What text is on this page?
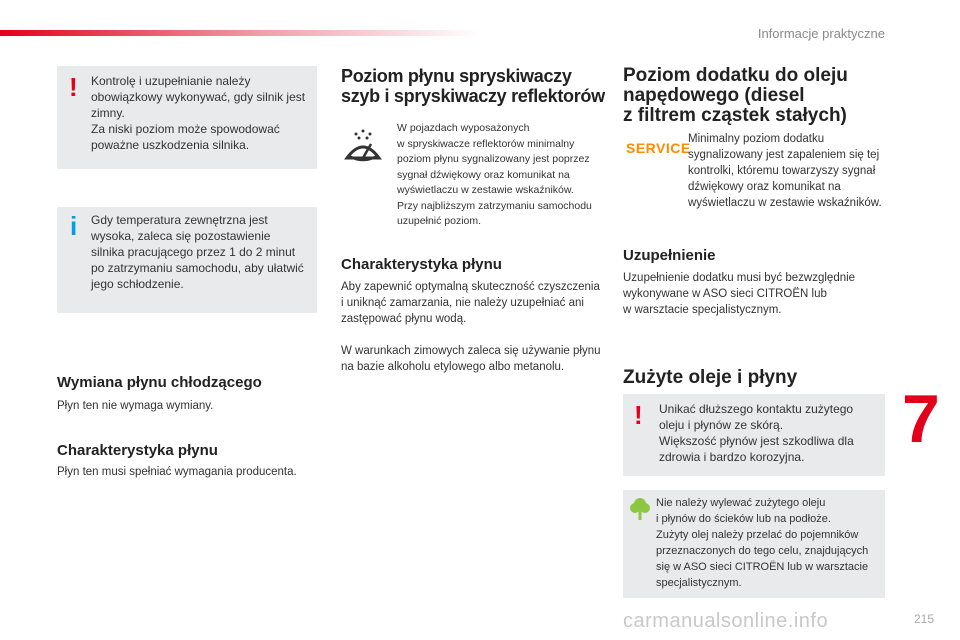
Informacje praktyczne
! Kontrolę i uzupełnianie należy obowiązkowy wykonywać, gdy silnik jest zimny.
Za niski poziom może spowodować poważne uszkodzenia silnika.
i Gdy temperatura zewnętrzna jest wysoka, zaleca się pozostawienie silnika pracującego przez 1 do 2 minut po zatrzymaniu samochodu, aby ułatwić jego schłodzenie.
Wymiana płynu chłodzącego

Płyn ten nie wymaga wymiany.

Charakterystyka płynu

Płyn ten musi spełniać wymagania producenta.

Poziom płynu spryskiwaczy
szyb i spryskiwaczy reflektorów

W pojazdach wyposażonych
w spryskiwacze reflektorów minimalny poziom płynu sygnalizowany jest poprzez sygnał dźwiękowy oraz komunikat na wyświetlaczu w zestawie wskaźników.
Przy najbliższym zatrzymaniu samochodu uzupełnić poziom.

Charakterystyka płynu

Aby zapewnić optymalną skuteczność czyszczenia i uniknąć zamarzania, nie należy uzupełniać ani zastępować płynu wodą.

W warunkach zimowych zaleca się używanie płynu na bazie alkoholu etylowego albo metanolu.

Poziom dodatku do oleju
napędowego (diesel
z filtrem cząstek stałych)
SERVICE

Minimalny poziom dodatku sygnalizowany jest zapaleniem się tej kontrolki, któremu towarzyszy sygnał dźwiękowy oraz komunikat na wyświetlaczu w zestawie wskaźników.

Uzupełnienie

Uzupełnienie dodatku musi być bezwzględnie wykonywane w ASO sieci CITROËN lub
w warsztacie specjalistycznym.

Zużyte oleje i płyny
! Unikać dłuższego kontaktu zużytego oleju i płynów ze skórą.
Większość płynów jest szkodliwa dla zdrowia i bardzo korozyjna.
Nie należy wylewać zużytego oleju
i płynów do ścieków lub na podłoże.
Zużyty olej należy przelać do pojemników przeznaczonych do tego celu, znajdujących się w ASO sieci CITROËN lub w warsztacie specjalistycznym.
7
carmanualsonline.info	215
